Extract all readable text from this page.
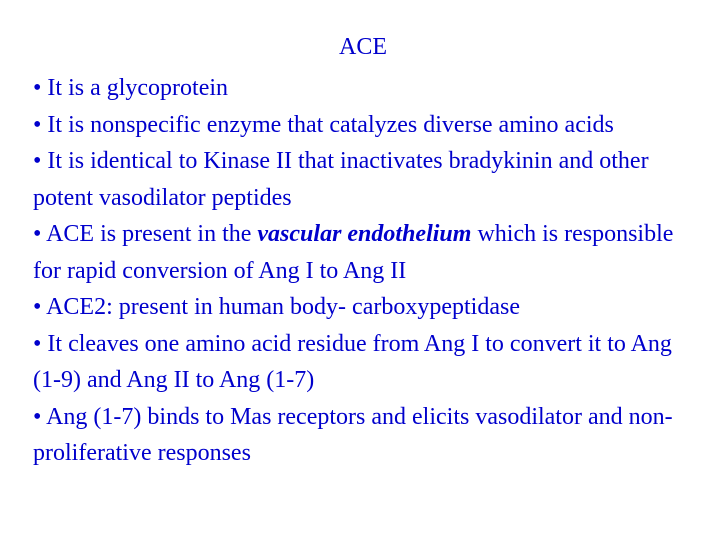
ACE

• It is a glycoprotein

• It is nonspecific enzyme that catalyzes diverse amino acids

• It is identical to Kinase II that inactivates bradykinin and other potent vasodilator peptides

• ACE is present in the vascular endothelium which is responsible for rapid conversion of Ang I to Ang II

• ACE2: present in human body- carboxypeptidase

• It cleaves one amino acid residue from Ang I to convert it to Ang (1-9) and Ang II to Ang (1-7)

• Ang (1-7) binds to Mas receptors and elicits vasodilator and non-proliferative responses
